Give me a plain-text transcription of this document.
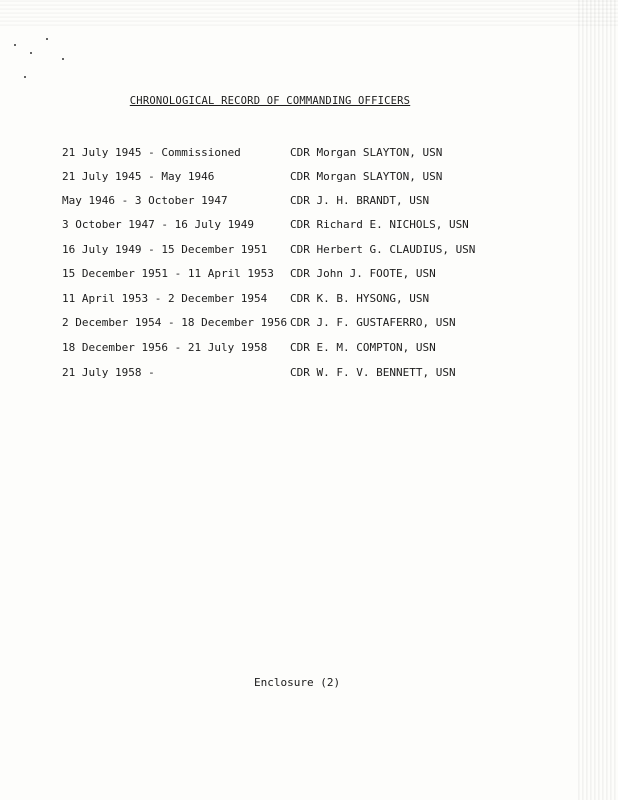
CHRONOLOGICAL RECORD OF COMMANDING OFFICERS
21 July 1945 - Commissioned	CDR Morgan SLAYTON, USN
21 July 1945 - May 1946	CDR Morgan SLAYTON, USN
May 1946 - 3 October 1947	CDR J. H. BRANDT, USN
3 October 1947 - 16 July 1949	CDR Richard E. NICHOLS, USN
16 July 1949 - 15 December 1951 CDR Herbert G. CLAUDIUS, USN
15 December 1951 - 11 April 1953 CDR John J. FOOTE, USN
11 April 1953 - 2 December 1954 CDR K. B. HYSONG, USN
2 December 1954 - 18 December 1956 CDR J. F. GUSTAFERRO, USN
18 December 1956 - 21 July 1958 CDR E. M. COMPTON, USN
21 July 1958 -	CDR W. F. V. BENNETT, USN
Enclosure (2)
